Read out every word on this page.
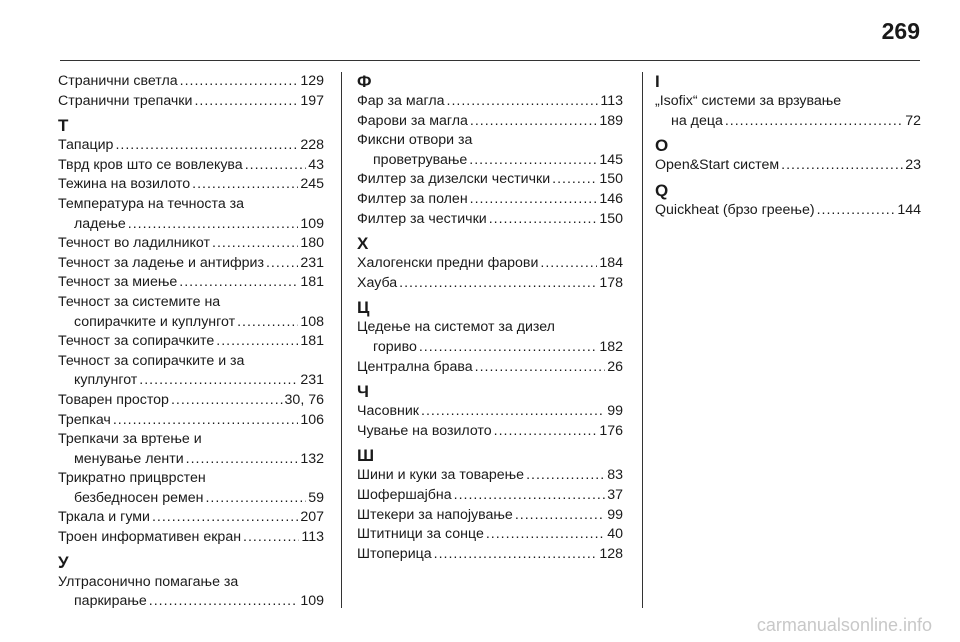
269
Странични светла .....	129
Странични трепачки .....	197
Т
Тапацир .....	228
Тврд кров што се вовлекува .....	43
Тежина на возилото .....	245
Температура на течноста за
ладење .....	109
Течност во ладилникот .....	180
Течност за ладење и антифриз .....	231
Течност за миење .....	181
Течност за системите на
сопирачките и куплунгот .....	108
Течност за сопирачките .....	181
Течност за сопирачките и за
куплунгот .....	231
Товарен простор .....	30, 76
Трепкач .....	106
Трепкачи за вртење и
менување ленти .....	132
Трикратно прицврстен
безбедносен ремен .....	59
Тркала и гуми .....	207
Троен информативен екран .....	113
У
Ултрасонично помагање за
паркирање .....	109
Ф
Фар за магла .....	113
Фарови за магла .....	189
Фиксни отвори за
проветрување .....	145
Филтер за дизелски честички .....	150
Филтер за полен .....	146
Филтер за честички .....	150
Х
Халогенски предни фарови .....	184
Хауба .....	178
Ц
Цедење на системот за дизел
гориво .....	182
Централна брава .....	26
Ч
Часовник .....	99
Чување на возилото .....	176
Ш
Шини и куки за товарење .....	83
Шофершајбна .....	37
Штекери за напојување .....	99
Штитници за сонце .....	40
Штоперица .....	128
I
„Isofix“ системи за врзување
на деца .....	72
O
Open&Start систем .....	23
Q
Quickheat (брзо греење) .....	144
carmanualsonline.info
